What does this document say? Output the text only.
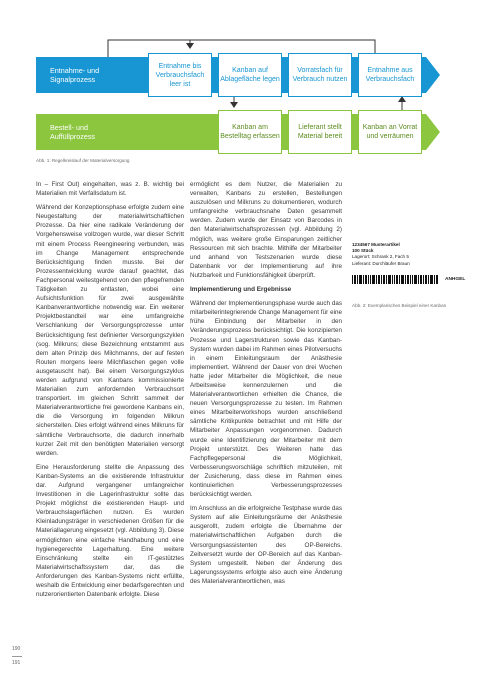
Entnahme- und Signalprozess
Entnahme bis Verbrauchsfach leer ist
Kanban auf Ablagefläche legen
Vorratsfach für Verbrauch nutzen
Entnahme aus Verbrauchsfach
Bestell- und Auffüllprozess
Kanban am Bestelltag erfassen
Lieferant stellt Material bereit
Kanban an Vorrat und verräumen
Abb. 1: Regelkreislauf der Materialversorgung

In – First Out) eingehalten, was z. B. wichtig bei Materialien mit Verfallsdatum ist.

Während der Konzeptionsphase erfolgte zudem eine Neugestaltung der materialwirtschaftlichen Prozesse. Da hier eine radikale Veränderung der Vorgehensweise vollzogen wurde, war dieser Schritt mit einem Process Reengineering verbunden, was im Change Management entsprechende Berücksichtigung finden musste. Bei der Prozessentwicklung wurde darauf geachtet, das Fachpersonal weitestgehend von den pflegefremden Tätigkeiten zu entlasten, wobei eine Aufsichtsfunktion für zwei ausgewählte Kanbanverantwortliche notwendig war. Ein weiterer Projektbestandteil war eine umfangreiche Verschlankung der Versorgungsprozesse unter Berücksichtigung fest definierter Versorgungszyklen (sog. Milkruns; diese Bezeichnung entstammt aus dem alten Prinzip des Milchmanns, der auf festen Routen morgens leere Milchflaschen gegen volle ausgetauscht hat). Bei einem Versorgungszyklus werden aufgrund von Kanbans kommissionierte Materialien zum anfordernden Verbrauchsort transportiert. Im gleichen Schritt sammelt der Materialverantwortliche frei gewordene Kanbans ein, die die Versorgung im folgenden Milkrun sicherstellen. Dies erfolgt während eines Milkruns für sämtliche Verbrauchsorte, die dadurch innerhalb kurzer Zeit mit den benötigten Materialien versorgt werden.

Eine Herausforderung stellte die Anpassung des Kanban-Systems an die existierende Infrastruktur dar. Aufgrund vergangener umfangreicher Investitionen in die Lagerinfrastruktur sollte das Projekt möglichst die existierenden Haupt- und Verbrauchslagerflächen nutzen. Es wurden Kleinladungsträger in verschiedenen Größen für die Materiallagerung eingesetzt (vgl. Abbildung 3). Diese ermöglichten eine einfache Handhabung und eine hygienegerechte Lagerhaltung. Eine weitere Einschränkung stellte ein IT-gestütztes Materialwirtschaftssystem dar, das die Anforderungen des Kanban-Systems nicht erfüllte, weshalb die Entwicklung einer bedarfsgerechten und nutzerorientierten Datenbank erfolgte. Diese

ermöglicht es dem Nutzer, die Materialien zu verwalten, Kanbans zu erstellen, Bestellungen auszulösen und Milkruns zu dokumentieren, wodurch umfangreiche verbrauchsnahe Daten gesammelt werden. Zudem wurde der Einsatz von Barcodes in den Materialwirtschaftsprozessen (vgl. Abbildung 2) möglich, was weitere große Einsparungen zeitlicher Ressourcen mit sich brachte. Mithilfe der Mitarbeiter und anhand von Testszenarien wurde diese Datenbank vor der Implementierung auf ihre Nutzbarkeit und Funktionsfähigkeit überprüft.

Implementierung und Ergebnisse

Während der Implementierungsphase wurde auch das mitarbeiterintegrierende Change Management für eine frühe Einbindung der Mitarbeiter in den Veränderungsprozess berücksichtigt. Die konzipierten Prozesse und Lagerstrukturen sowie das Kanban-System wurden dabei im Rahmen eines Pilotversuchs in einem Einleitungsraum der Anästhesie implementiert. Während der Dauer von drei Wochen hatte jeder Mitarbeiter die Möglichkeit, die neue Arbeitsweise kennenzulernen und die Materialverantwortlichen erhielten die Chance, die neuen Versorgungsprozesse zu testen. Im Rahmen eines Mitarbeiterworkshops wurden anschließend sämtliche Kritikpunkte betrachtet und mit Hilfe der Mitarbeiter Anpassungen vorgenommen. Dadurch wurde eine Identifizierung der Mitarbeiter mit dem Projekt unterstützt. Des Weiteren hatte das Fachpflegepersonal die Möglichkeit, Verbesserungsvorschläge schriftlich mitzuteilen, mit der Zusicherung, dass diese im Rahmen eines kontinuierlichen Verbesserungsprozesses berücksichtigt werden.

Im Anschluss an die erfolgreiche Testphase wurde das System auf alle Einleitungsräume der Anästhesie ausgerollt, zudem erfolgte die Übernahme der materialwirtschaftlichen Aufgaben durch die Versorgungsassistenten des OP-Bereichs. Zeitversetzt wurde der OP-Bereich auf das Kanban-System umgestellt. Neben der Änderung des Lagerungssystems erfolgte also auch eine Änderung des Materialverantwortlichen, was

1234567 Musterartikel
100 Stück
Lagerort: Schrank 2, Fach 5
Lieferant: Durchläufer Braun
ANHGEL
Abb. 2: Exemplarisches Beispiel einer Kanban
190
191
